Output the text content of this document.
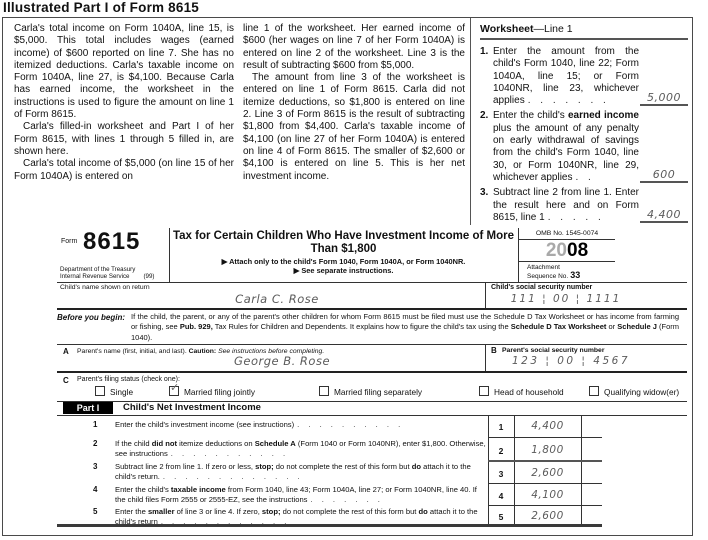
Illustrated Part I of Form 8615

Carla's total income on Form 1040A, line 15, is $5,000. This total includes wages (earned income) of $600 reported on line 7. She has no itemized deductions. Carla's taxable income on Form 1040A, line 27, is $4,100. Because Carla has earned income, the worksheet in the instructions is used to figure the amount on line 1 of Form 8615.

Carla's filled-in worksheet and Part I of her Form 8615, with lines 1 through 5 filled in, are shown here.

Carla's total income of $5,000 (on line 15 of her Form 1040A) is entered on

line 1 of the worksheet. Her earned income of $600 (her wages on line 7 of her Form 1040A) is entered on line 2 of the worksheet. Line 3 is the result of subtracting $600 from $5,000.

The amount from line 3 of the worksheet is entered on line 1 of Form 8615. Carla did not itemize deductions, so $1,800 is entered on line 2. Line 3 of Form 8615 is the result of subtracting $1,800 from $4,400. Carla's taxable income of $4,100 (on line 27 of her Form 1040A) is entered on line 4 of Form 8615. The smaller of $2,600 or $4,100 is entered on line 5. This is her net investment income.

Worksheet—Line 1
1. Enter the amount from the child's Form 1040, line 22; Form 1040A, line 15; or Form 1040NR, line 23, whichever applies . . . . . . .	5,000
2. Enter the child's earned income plus the amount of any penalty on early withdrawal of savings from the child's Form 1040, line 30, or Form 1040NR, line 29, whichever applies . .	600
3. Subtract line 2 from line 1. Enter the result here and on Form 8615, line 1 . . . . .	4,400
Form 8615
Department of the Treasury
Internal Revenue Service (99)
Tax for Certain Children Who Have Investment Income of More Than $1,800
▶ Attach only to the child's Form 1040, Form 1040A, or Form 1040NR.
▶ See separate instructions.
OMB No. 1545-0074
2008
Attachment
Sequence No. 33
Child's name shown on return
Carla C. Rose
Child's social security number
111 ¦ 00 ¦ 1111
Before you begin: If the child, the parent, or any of the parent's other children for whom Form 8615 must be filed must use the Schedule D Tax Worksheet or has income from farming or fishing, see Pub. 929, Tax Rules for Children and Dependents. It explains how to figure the child's tax using the Schedule D Tax Worksheet or Schedule J (Form 1040).
A Parent's name (first, initial, and last). Caution: See instructions before completing.
George B. Rose
B Parent's social security number
123 ¦ 00 ¦ 4567
C Parent's filing status (check one):
Single	✓ Married filing jointly	Married filing separately	Head of household	Qualifying widow(er)
Part I	Child's Net Investment Income
1 Enter the child's investment income (see instructions) . . . . . . . . . .	1	4,400
2 If the child did not itemize deductions on Schedule A (Form 1040 or Form 1040NR), enter $1,800. Otherwise, see instructions . . . . . . . . . . .	2	1,800
3 Subtract line 2 from line 1. If zero or less, stop; do not complete the rest of this form but do attach it to the child's return. . . . . . . . . . . . . .	3	2,600
4 Enter the child's taxable income from Form 1040, line 43; Form 1040A, line 27; or Form 1040NR, line 40. If the child files Form 2555 or 2555-EZ, see the instructions . . . . . . .	4	4,100
5 Enter the smaller of line 3 or line 4. If zero, stop; do not complete the rest of this form but do attach it to the child's return . . . . . . . . . . . .	5	2,600
